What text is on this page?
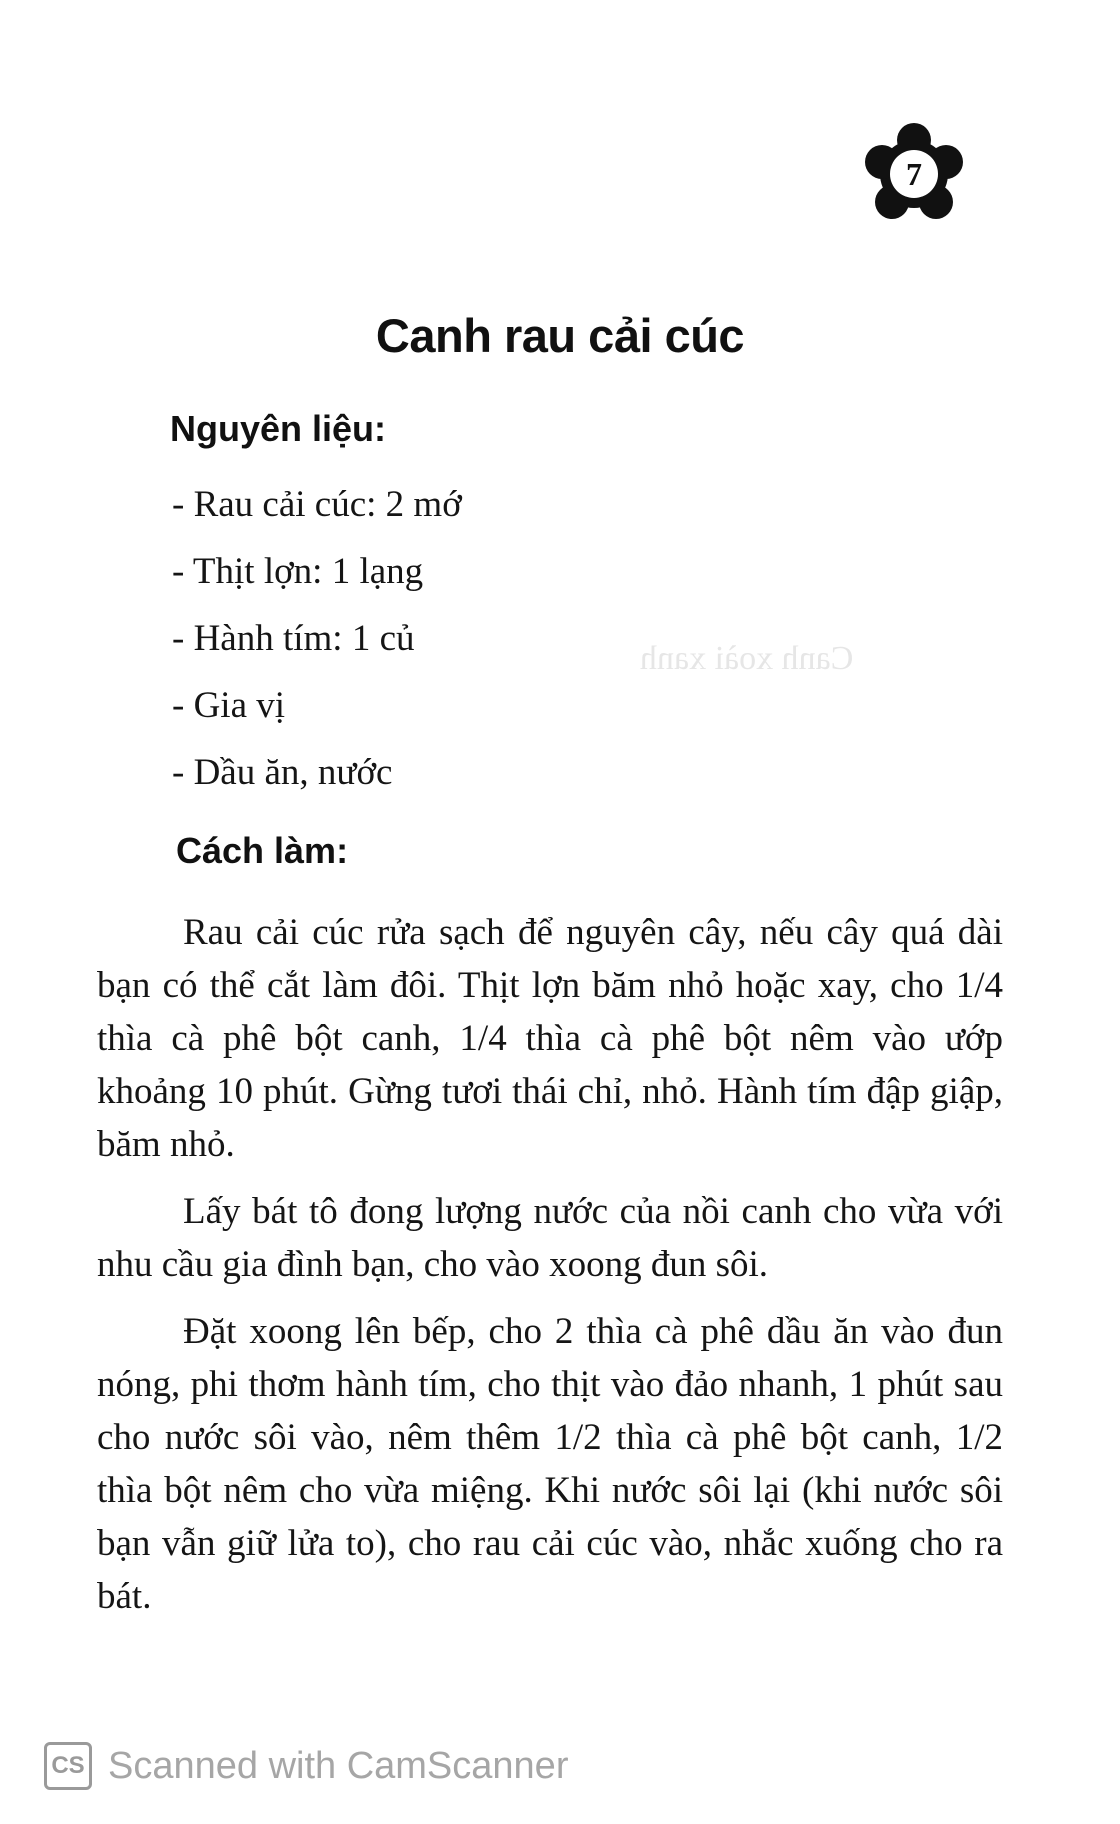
Canh xoài xanh
7
Canh rau cải cúc
Nguyên liệu:
- Rau cải cúc: 2 mớ
- Thịt lợn: 1 lạng
- Hành tím: 1 củ
- Gia vị
- Dầu ăn, nước
Cách làm:

Rau cải cúc rửa sạch để nguyên cây, nếu cây quá dài bạn có thể cắt làm đôi. Thịt lợn băm nhỏ hoặc xay, cho 1/4 thìa cà phê bột canh, 1/4 thìa cà phê bột nêm vào ướp khoảng 10 phút. Gừng tươi thái chỉ, nhỏ. Hành tím đập giập, băm nhỏ.

Lấy bát tô đong lượng nước của nồi canh cho vừa với nhu cầu gia đình bạn, cho vào xoong đun sôi.

Đặt xoong lên bếp, cho 2 thìa cà phê dầu ăn vào đun nóng, phi thơm hành tím, cho thịt vào đảo nhanh, 1 phút sau cho nước sôi vào, nêm thêm 1/2 thìa cà phê bột canh, 1/2 thìa bột nêm cho vừa miệng. Khi nước sôi lại (khi nước sôi bạn vẫn giữ lửa to), cho rau cải cúc vào, nhắc xuống cho ra bát.

CS Scanned with CamScanner
